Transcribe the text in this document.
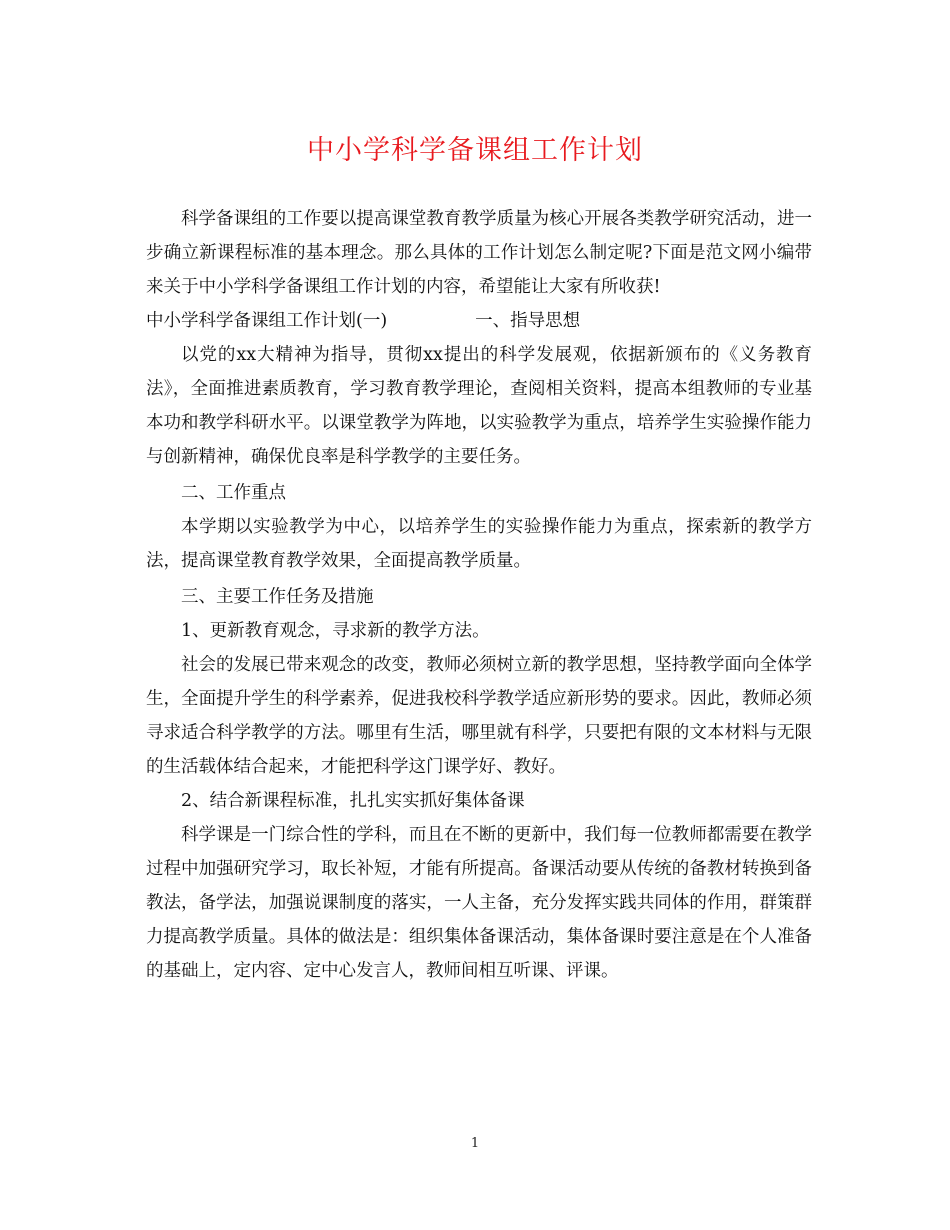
中小学科学备课组工作计划

科学备课组的工作要以提高课堂教育教学质量为核心开展各类教学研究活动，进一步确立新课程标准的基本理念。那么具体的工作计划怎么制定呢?下面是范文网小编带来关于中小学科学备课组工作计划的内容，希望能让大家有所收获!

中小学科学备课组工作计划(一)	一、指导思想

以党的xx大精神为指导，贯彻xx提出的科学发展观，依据新颁布的《义务教育法》，全面推进素质教育，学习教育教学理论，查阅相关资料，提高本组教师的专业基本功和教学科研水平。以课堂教学为阵地，以实验教学为重点，培养学生实验操作能力与创新精神，确保优良率是科学教学的主要任务。

二、工作重点

本学期以实验教学为中心，以培养学生的实验操作能力为重点，探索新的教学方法，提高课堂教育教学效果，全面提高教学质量。

三、主要工作任务及措施

1、更新教育观念，寻求新的教学方法。

社会的发展已带来观念的改变，教师必须树立新的教学思想，坚持教学面向全体学生，全面提升学生的科学素养，促进我校科学教学适应新形势的要求。因此，教师必须寻求适合科学教学的方法。哪里有生活，哪里就有科学，只要把有限的文本材料与无限的生活载体结合起来，才能把科学这门课学好、教好。

2、结合新课程标准，扎扎实实抓好集体备课

科学课是一门综合性的学科，而且在不断的更新中，我们每一位教师都需要在教学过程中加强研究学习，取长补短，才能有所提高。备课活动要从传统的备教材转换到备教法，备学法，加强说课制度的落实，一人主备，充分发挥实践共同体的作用，群策群力提高教学质量。具体的做法是：组织集体备课活动，集体备课时要注意是在个人准备的基础上，定内容、定中心发言人，教师间相互听课、评课。

1
